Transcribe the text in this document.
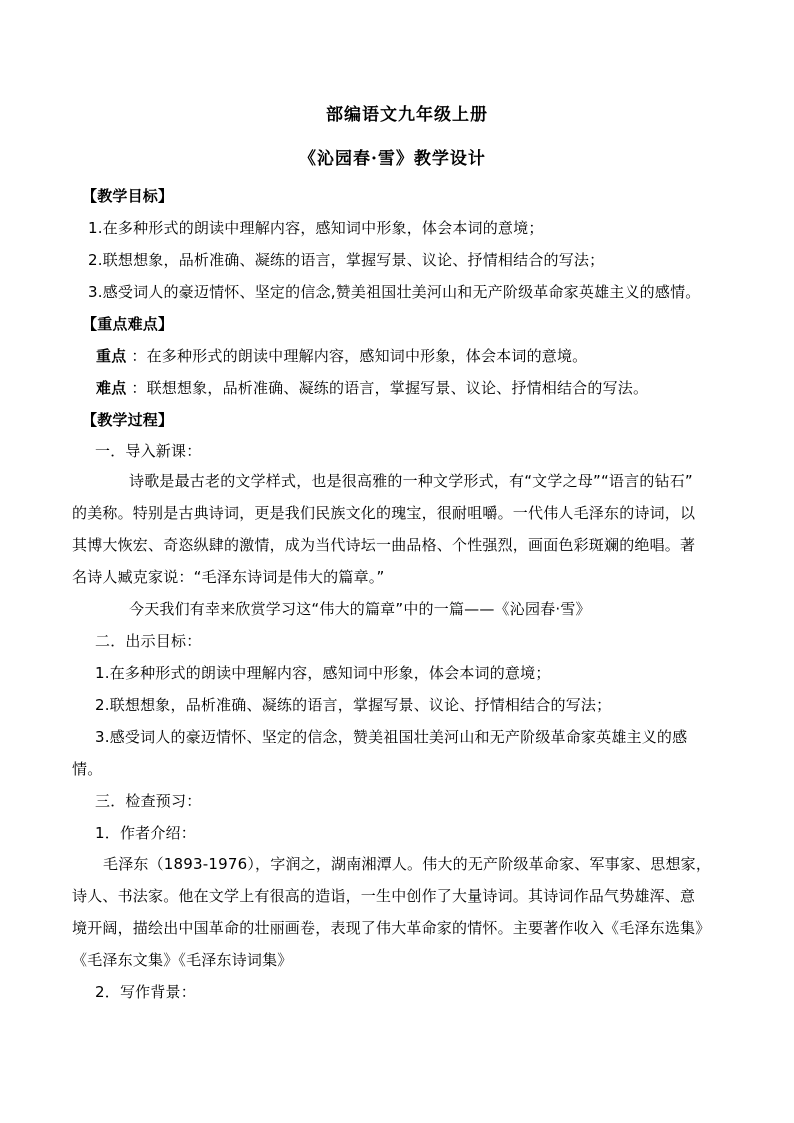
部编语文九年级上册
《沁园春·雪》教学设计
【教学目标】
1.在多种形式的朗读中理解内容，感知词中形象，体会本词的意境；
2.联想想象，品析准确、凝练的语言，掌握写景、议论、抒情相结合的写法；
3.感受词人的豪迈情怀、坚定的信念,赞美祖国壮美河山和无产阶级革命家英雄主义的感情。
【重点难点】
重点 ：在多种形式的朗读中理解内容，感知词中形象，体会本词的意境。
难点 ：联想想象，品析准确、凝练的语言，掌握写景、议论、抒情相结合的写法。
【教学过程】
一．导入新课：
诗歌是最古老的文学样式，也是很高雅的一种文学形式，有“文学之母”“语言的钻石”
的美称。特别是古典诗词，更是我们民族文化的瑰宝，很耐咀嚼。一代伟人毛泽东的诗词，以
其博大恢宏、奇恣纵肆的激情，成为当代诗坛一曲品格、个性强烈，画面色彩斑斓的绝唱。著
名诗人臧克家说：“毛泽东诗词是伟大的篇章。”
今天我们有幸来欣赏学习这“伟大的篇章”中的一篇——《沁园春·雪》
二．出示目标：
1.在多种形式的朗读中理解内容，感知词中形象，体会本词的意境；
2.联想想象，品析准确、凝练的语言，掌握写景、议论、抒情相结合的写法；
3.感受词人的豪迈情怀、坚定的信念，赞美祖国壮美河山和无产阶级革命家英雄主义的感
情。
三．检查预习：
1．作者介绍：
毛泽东（1893-1976），字润之，湖南湘潭人。伟大的无产阶级革命家、军事家、思想家，
诗人、书法家。他在文学上有很高的造诣，一生中创作了大量诗词。其诗词作品气势雄浑、意
境开阔，描绘出中国革命的壮丽画卷，表现了伟大革命家的情怀。主要著作收入《毛泽东选集》
《毛泽东文集》《毛泽东诗词集》
2．写作背景：
